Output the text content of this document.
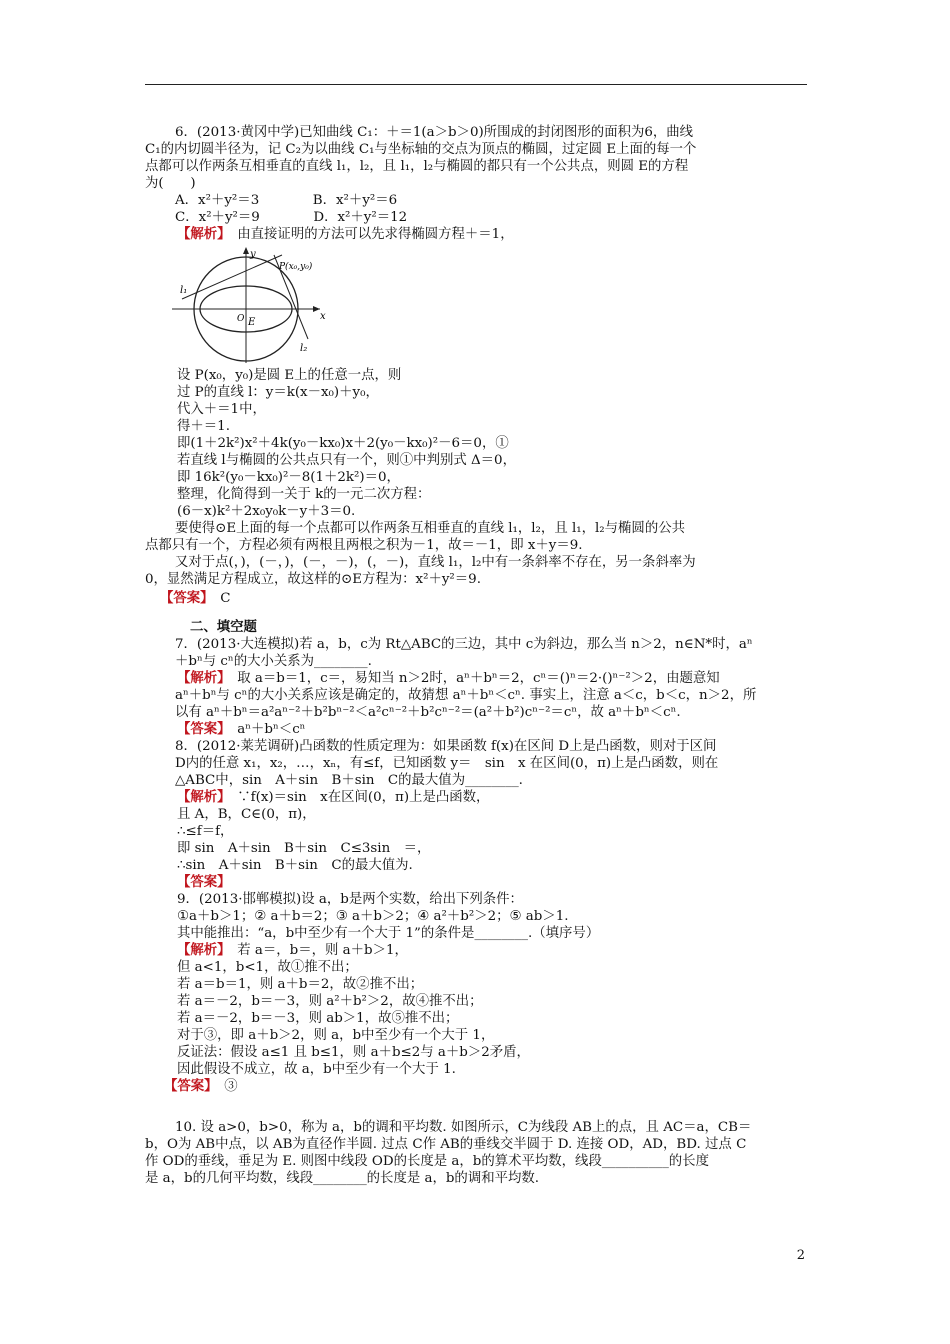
6．(2013·黄冈中学)已知曲线 C₁：＋＝1(a＞b＞0)所围成的封闭图形的面积为6，曲线
C₁的内切圆半径为，记 C₂为以曲线 C₁与坐标轴的交点为顶点的椭圆，过定圆 E上面的每一个
点都可以作两条互相垂直的直线 l₁，l₂，且 l₁，l₂与椭圆的都只有一个公共点，则圆 E的方程
为(　　)
A．x²＋y²＝3　　　　B．x²＋y²＝6
C．x²＋y²＝9　　　　D．x²＋y²＝12
设 P(x₀，y₀)是圆 E上的任意一点，则
过 P的直线 l：y＝k(x－x₀)＋y₀，
代入＋＝1中，
得＋＝1.
即(1＋2k²)x²＋4k(y₀－kx₀)x＋2(y₀－kx₀)²－6＝0，①
若直线 l与椭圆的公共点只有一个，则①中判别式 Δ＝0，
即 16k²(y₀－kx₀)²－8(1＋2k²)＝0，
整理，化简得到一关于 k的一元二次方程：
(6－x)k²＋2x₀y₀k－y＋3＝0.
要使得⊙E上面的每一个点都可以作两条互相垂直的直线 l₁，l₂，且 l₁，l₂与椭圆的公共
点都只有一个，方程必须有两根且两根之积为－1，故＝－1，即 x＋y＝9.
又对于点(，)，(－，)，(－，－)，(，－)，直线 l₁，l₂中有一条斜率不存在，另一条斜率为
0，显然满足方程成立，故这样的⊙E方程为：x²＋y²＝9.
7．(2013·大连模拟)若 a，b，c为 Rt△ABC的三边，其中 c为斜边，那么当 n＞2，n∈N*时，aⁿ
＋bⁿ与 cⁿ的大小关系为________.
aⁿ＋bⁿ与 cⁿ的大小关系应该是确定的，故猜想 aⁿ＋bⁿ＜cⁿ. 事实上，注意 a＜c，b＜c，n＞2，所
以有 aⁿ＋bⁿ＝a²aⁿ⁻²＋b²bⁿ⁻²＜a²cⁿ⁻²＋b²cⁿ⁻²＝(a²＋b²)cⁿ⁻²＝cⁿ，故 aⁿ＋bⁿ＜cⁿ.
8．(2012·莱芜调研)凸函数的性质定理为：如果函数 f(x)在区间 D上是凸函数，则对于区间
D内的任意 x₁，x₂，…，xₙ，有≤f，已知函数 y＝　sin　x 在区间(0，π)上是凸函数，则在
△ABC中，sin　A＋sin　B＋sin　C的最大值为________.
且 A，B，C∈(0，π)，
∴≤f＝f，
即 sin　A＋sin　B＋sin　C≤3sin　＝，
∴sin　A＋sin　B＋sin　C的最大值为.
9．(2013·邯郸模拟)设 a，b是两个实数，给出下列条件：
①a＋b＞1；② a＋b＝2；③ a＋b＞2；④ a²＋b²＞2；⑤ ab＞1.
其中能推出：“a，b中至少有一个大于 1”的条件是________.（填序号）
但 a<1，b<1，故①推不出；
若 a＝b＝1，则 a＋b＝2，故②推不出；
若 a＝－2，b＝－3，则 a²＋b²＞2，故④推不出；
若 a＝－2，b＝－3，则 ab＞1，故⑤推不出；
对于③，即 a＋b＞2，则 a，b中至少有一个大于 1，
反证法：假设 a≤1 且 b≤1，则 a＋b≤2与 a＋b＞2矛盾，
因此假设不成立，故 a，b中至少有一个大于 1.
10. 设 a>0，b>0，称为 a，b的调和平均数. 如图所示，C为线段 AB上的点，且 AC＝a，CB＝
b，O为 AB中点，以 AB为直径作半圆. 过点 C作 AB的垂线交半圆于 D. 连接 OD，AD，BD. 过点 C
作 OD的垂线，垂足为 E. 则图中线段 OD的长度是 a，b的算术平均数，线段__________的长度
是 a，b的几何平均数，线段________的长度是 a，b的调和平均数.
【解析】　由直接证明的方法可以先求得椭圆方程＋＝1，
【答案】　C
【解析】　取 a＝b＝1，c＝，易知当 n＞2时，aⁿ＋bⁿ＝2，cⁿ＝()ⁿ＝2·()ⁿ⁻²＞2，由题意知
【答案】　aⁿ＋bⁿ＜cⁿ
【解析】　∵f(x)＝sin　x在区间(0，π)上是凸函数，
【答案】
【解析】　若 a＝，b＝，则 a＋b＞1，
【答案】　③
二、填空题
y
x
P(x₀,y₀)
E
O
l₁
l₂
2
